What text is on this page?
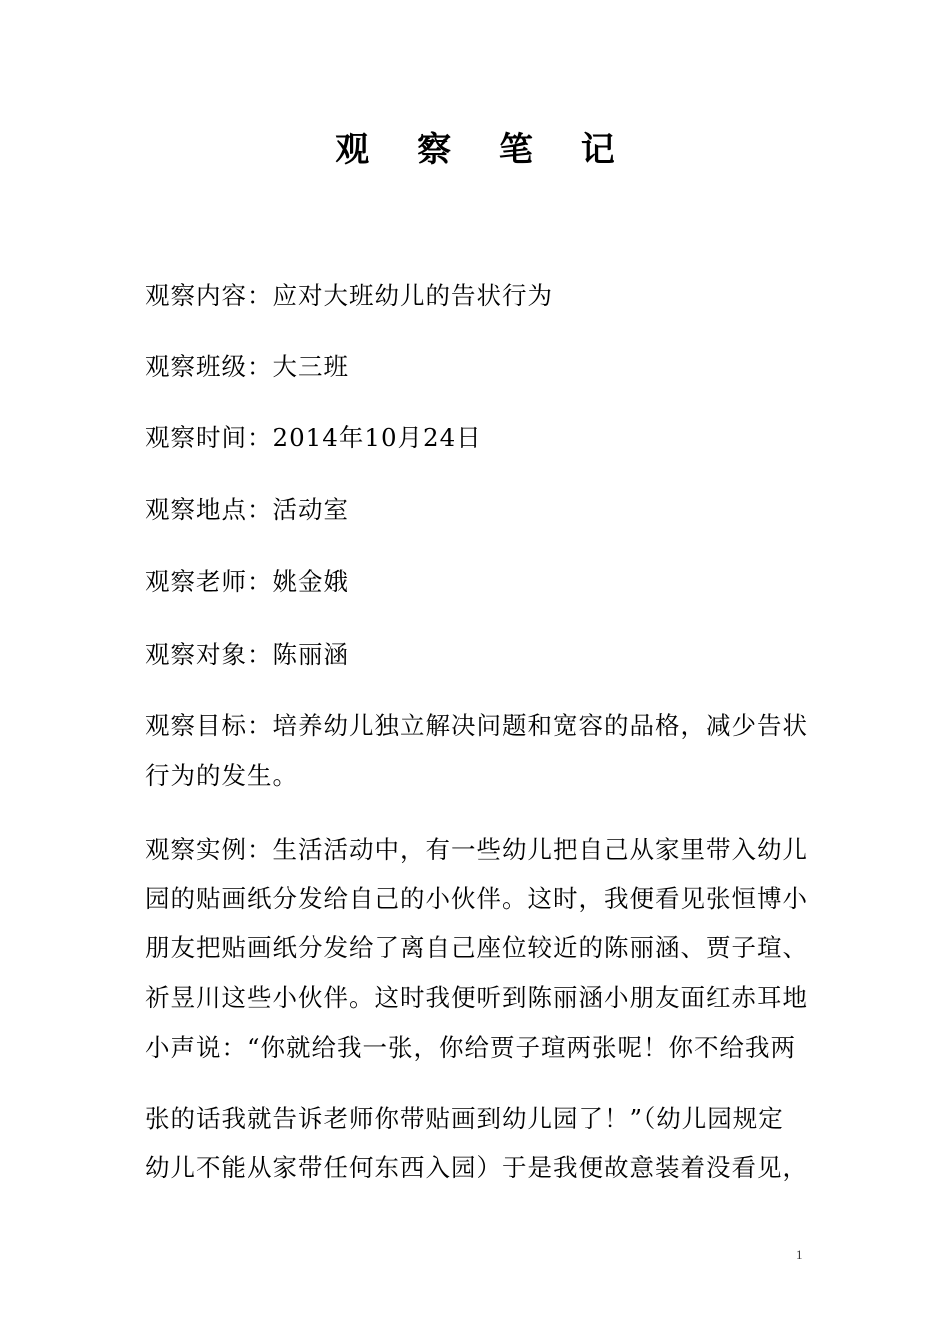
观 察 笔 记
观察内容：应对大班幼儿的告状行为
观察班级：大三班
观察时间：2014年10月24日
观察地点：活动室
观察老师：姚金娥
观察对象：陈丽涵
观察目标：培养幼儿独立解决问题和宽容的品格，减少告状
行为的发生。
观察实例：生活活动中，有一些幼儿把自己从家里带入幼儿
园的贴画纸分发给自己的小伙伴。这时，我便看见张恒博小
朋友把贴画纸分发给了离自己座位较近的陈丽涵、贾子瑄、
祈昱川这些小伙伴。这时我便听到陈丽涵小朋友面红赤耳地
小声说：“你就给我一张，你给贾子瑄两张呢！你不给我两
张的话我就告诉老师你带贴画到幼儿园了！”（幼儿园规定
幼儿不能从家带任何东西入园）于是我便故意装着没看见，
1
